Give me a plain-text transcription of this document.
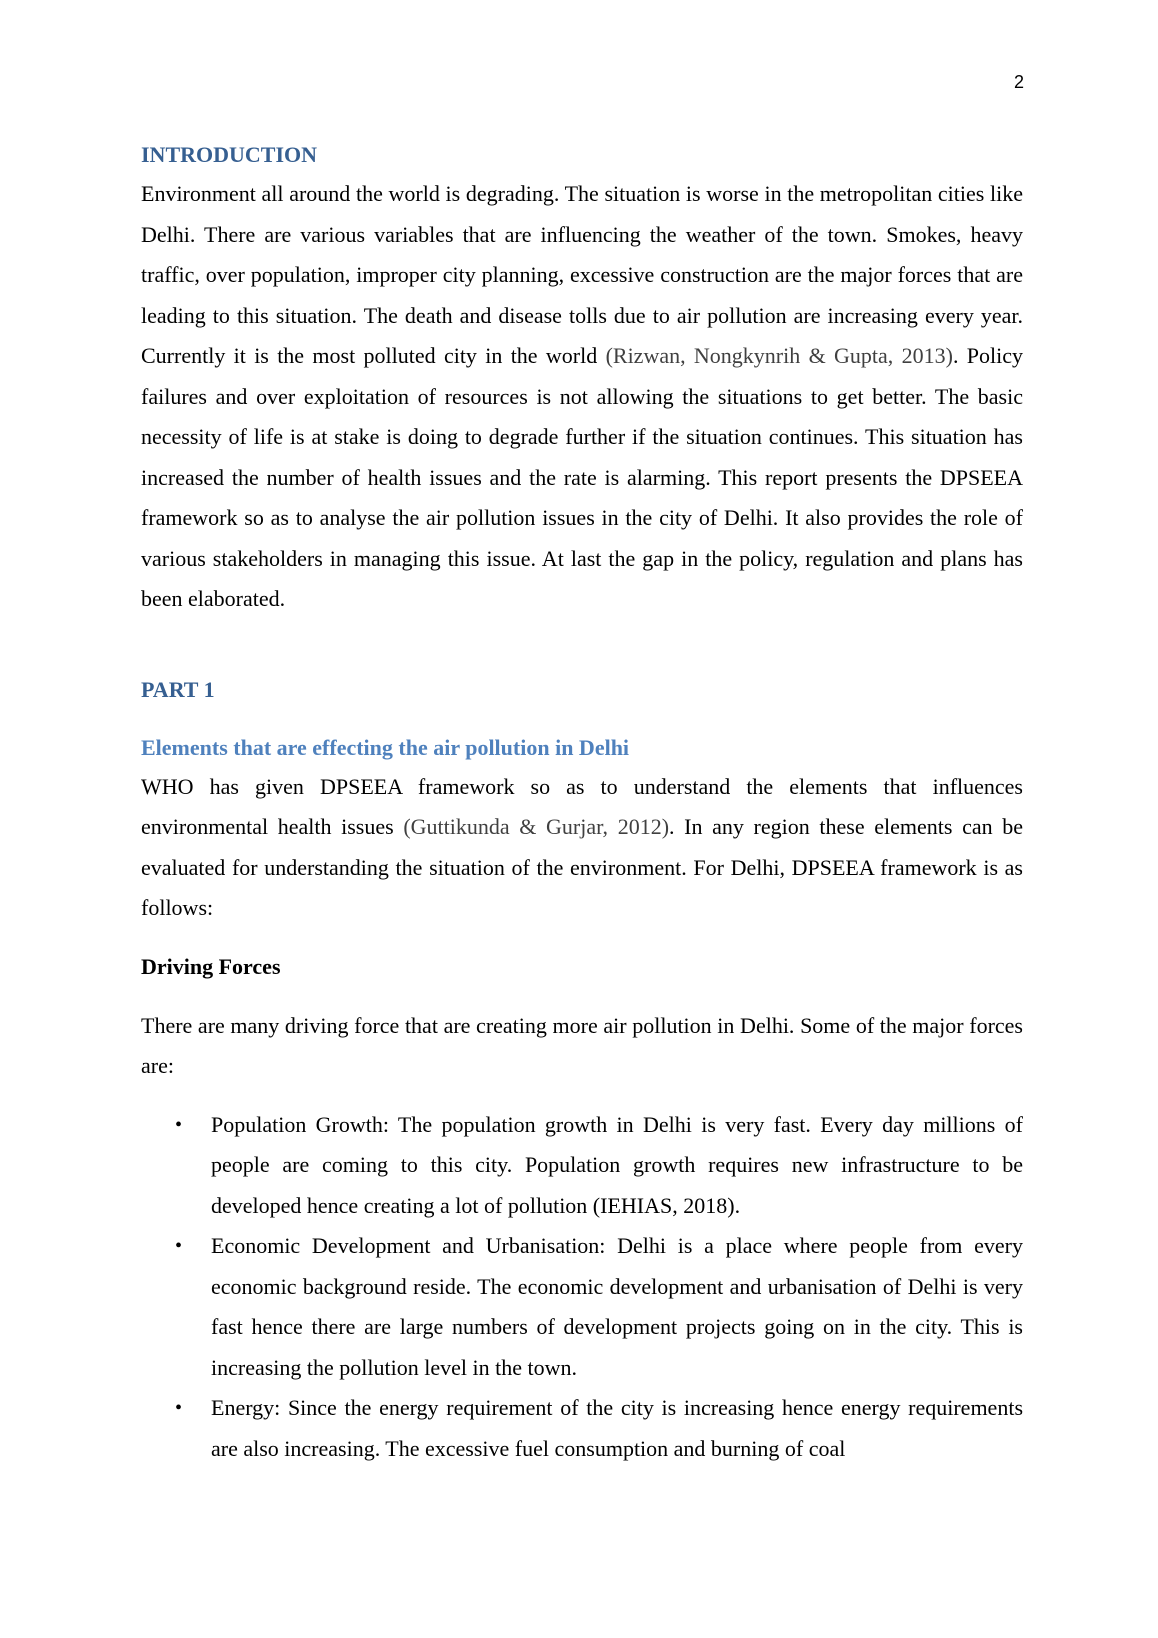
2
INTRODUCTION

Environment all around the world is degrading. The situation is worse in the metropolitan cities like Delhi. There are various variables that are influencing the weather of the town. Smokes, heavy traffic, over population, improper city planning, excessive construction are the major forces that are leading to this situation. The death and disease tolls due to air pollution are increasing every year. Currently it is the most polluted city in the world (Rizwan, Nongkynrih & Gupta, 2013). Policy failures and over exploitation of resources is not allowing the situations to get better. The basic necessity of life is at stake is doing to degrade further if the situation continues. This situation has increased the number of health issues and the rate is alarming. This report presents the DPSEEA framework so as to analyse the air pollution issues in the city of Delhi. It also provides the role of various stakeholders in managing this issue. At last the gap in the policy, regulation and plans has been elaborated.

PART 1
Elements that are effecting the air pollution in Delhi

WHO has given DPSEEA framework so as to understand the elements that influences environmental health issues (Guttikunda & Gurjar, 2012). In any region these elements can be evaluated for understanding the situation of the environment. For Delhi, DPSEEA framework is as follows:

Driving Forces

There are many driving force that are creating more air pollution in Delhi. Some of the major forces are:

• Population Growth: The population growth in Delhi is very fast. Every day millions of people are coming to this city. Population growth requires new infrastructure to be developed hence creating a lot of pollution (IEHIAS, 2018).
• Economic Development and Urbanisation: Delhi is a place where people from every economic background reside. The economic development and urbanisation of Delhi is very fast hence there are large numbers of development projects going on in the city. This is increasing the pollution level in the town.
• Energy: Since the energy requirement of the city is increasing hence energy requirements are also increasing. The excessive fuel consumption and burning of coal
